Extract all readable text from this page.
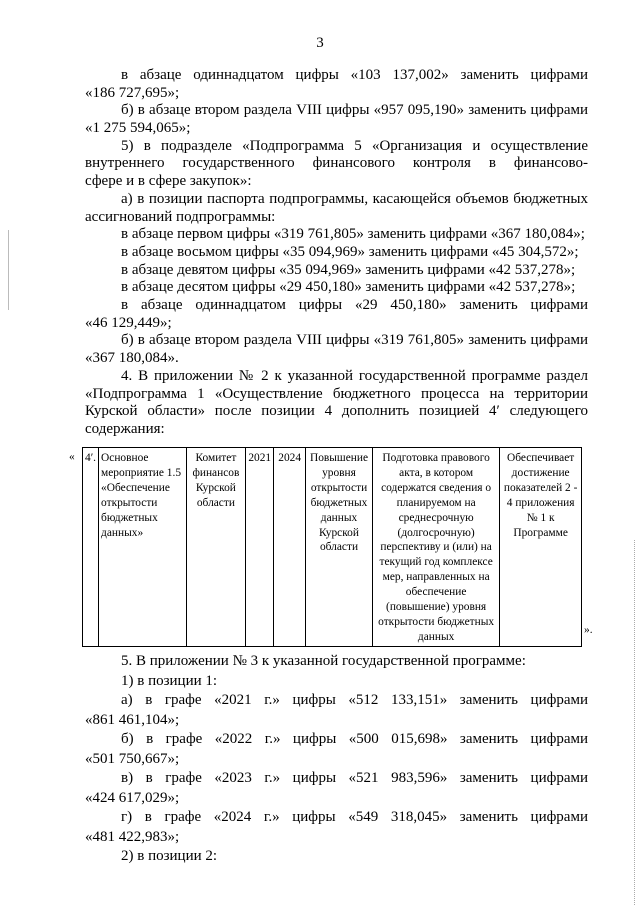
3
в абзаце одиннадцатом цифры «103 137,002» заменить цифрами
«186 727,695»;
б) в абзаце втором раздела VIII цифры «957 095,190» заменить цифрами
«1 275 594,065»;
5) в подразделе «Подпрограмма 5 «Организация и осуществление
внутреннего государственного финансового контроля в финансово-
сфере и в сфере закупок»:
а) в позиции паспорта подпрограммы, касающейся объемов бюджетных
ассигнований подпрограммы:
в абзаце первом цифры «319 761,805» заменить цифрами «367 180,084»;
в абзаце восьмом цифры «35 094,969» заменить цифрами «45 304,572»;
в абзаце девятом цифры «35 094,969» заменить цифрами «42 537,278»;
в абзаце десятом цифры «29 450,180» заменить цифрами «42 537,278»;
в абзаце одиннадцатом цифры «29 450,180» заменить цифрами
«46 129,449»;
б) в абзаце втором раздела VIII цифры «319 761,805» заменить цифрами
«367 180,084».
4. В приложении № 2 к указанной государственной программе раздел
«Подпрограмма 1 «Осуществление бюджетного процесса на территории
Курской области» после позиции 4 дополнить позицией 4′ следующего
содержания:
« 4′.	Основное мероприятие 1.5 «Обеспечение открытости бюджетных данных»	Комитет финансов Курской области	2021	2024	Повышение уровня открытости бюджетных данных Курской области	Подготовка правового акта, в котором содержатся сведения о планируемом на среднесрочную (долгосрочную) перспективу и (или) на текущий год комплексе мер, направленных на обеспечение (повышение) уровня открытости бюджетных данных	Обеспечивает достижение показателей 2 - 4 приложения № 1 к Программе
».
5. В приложении № 3 к указанной государственной программе:
1) в позиции 1:
а) в графе «2021 г.» цифры «512 133,151» заменить цифрами
«861 461,104»;
б) в графе «2022 г.» цифры «500 015,698» заменить цифрами
«501 750,667»;
в) в графе «2023 г.» цифры «521 983,596» заменить цифрами
«424 617,029»;
г) в графе «2024 г.» цифры «549 318,045» заменить цифрами
«481 422,983»;
2) в позиции 2:
